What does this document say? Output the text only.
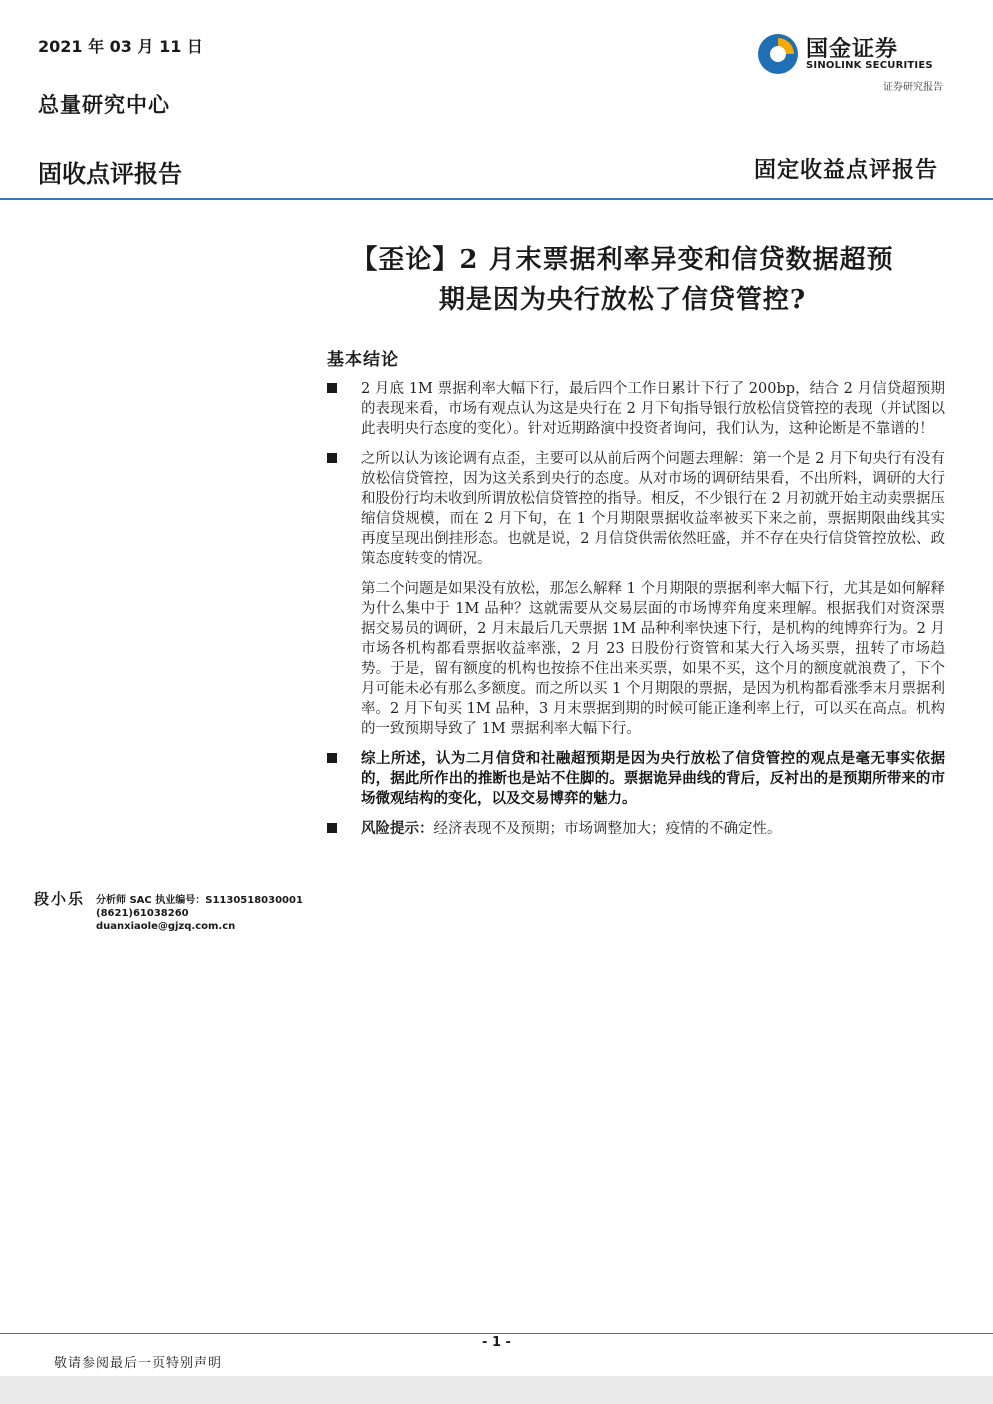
2021 年 03 月 11 日
总量研究中心
国金证券
SINOLINK SECURITIES
证券研究报告
固收点评报告	固定收益点评报告
【歪论】2 月末票据利率异变和信贷数据超预
期是因为央行放松了信贷管控?
基本结论

2 月底 1M 票据利率大幅下行，最后四个工作日累计下行了 200bp，结合 2 月信贷超预期的表现来看，市场有观点认为这是央行在 2 月下旬指导银行放松信贷管控的表现（并试图以此表明央行态度的变化）。针对近期路演中投资者询问，我们认为，这种论断是不靠谱的！

之所以认为该论调有点歪，主要可以从前后两个问题去理解：第一个是 2 月下旬央行有没有放松信贷管控，因为这关系到央行的态度。从对市场的调研结果看，不出所料，调研的大行和股份行均未收到所谓放松信贷管控的指导。相反，不少银行在 2 月初就开始主动卖票据压缩信贷规模，而在 2 月下旬，在 1 个月期限票据收益率被买下来之前，票据期限曲线其实再度呈现出倒挂形态。也就是说，2 月信贷供需依然旺盛，并不存在央行信贷管控放松、政策态度转变的情况。

第二个问题是如果没有放松，那怎么解释 1 个月期限的票据利率大幅下行，尤其是如何解释为什么集中于 1M 品种？这就需要从交易层面的市场博弈角度来理解。根据我们对资深票据交易员的调研，2 月末最后几天票据 1M 品种利率快速下行，是机构的纯博弈行为。2 月市场各机构都看票据收益率涨，2 月 23 日股份行资管和某大行入场买票，扭转了市场趋势。于是，留有额度的机构也按捺不住出来买票，如果不买，这个月的额度就浪费了，下个月可能未必有那么多额度。而之所以买 1 个月期限的票据，是因为机构都看涨季末月票据利率。2 月下旬买 1M 品种，3 月末票据到期的时候可能正逢利率上行，可以买在高点。机构的一致预期导致了 1M 票据利率大幅下行。

综上所述，认为二月信贷和社融超预期是因为央行放松了信贷管控的观点是毫无事实依据的，据此所作出的推断也是站不住脚的。票据诡异曲线的背后，反衬出的是预期所带来的市场微观结构的变化，以及交易博弈的魅力。

风险提示：经济表现不及预期；市场调整加大；疫情的不确定性。

段小乐 分析师 SAC 执业编号：S1130518030001
(8621)61038260
duanxiaole@gjzq.com.cn
- 1 -
敬请参阅最后一页特别声明
